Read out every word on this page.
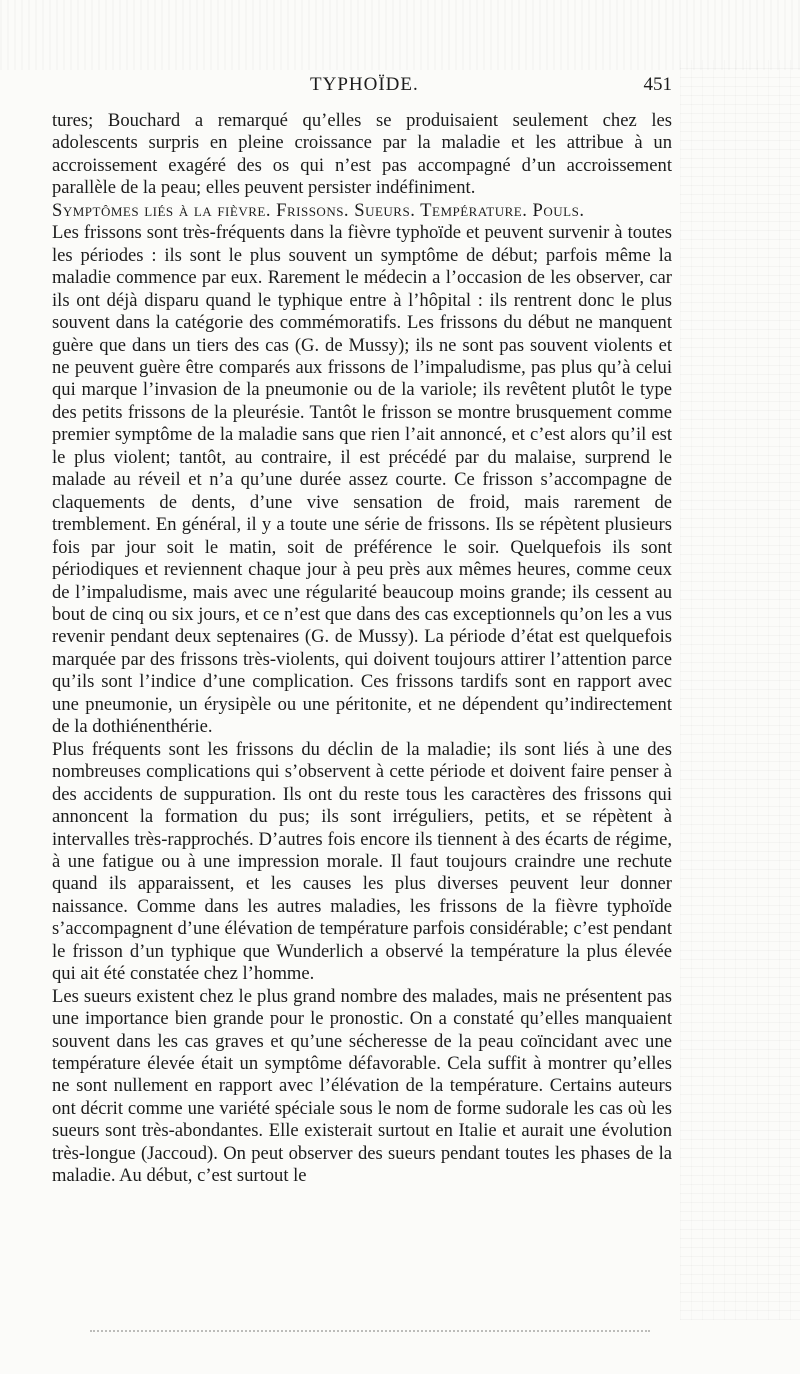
TYPHOÏDE.	451

tures; Bouchard a remarqué qu’elles se produisaient seulement chez les adolescents surpris en pleine croissance par la maladie et les attribue à un accroissement exagéré des os qui n’est pas accompagné d’un accroissement parallèle de la peau; elles peuvent persister indéfiniment.

Symptômes liés à la fièvre. Frissons. Sueurs. Température. Pouls.

Les frissons sont très-fréquents dans la fièvre typhoïde et peuvent survenir à toutes les périodes : ils sont le plus souvent un symptôme de début; parfois même la maladie commence par eux. Rarement le médecin a l’occasion de les observer, car ils ont déjà disparu quand le typhique entre à l’hôpital : ils rentrent donc le plus souvent dans la catégorie des commémoratifs. Les frissons du début ne manquent guère que dans un tiers des cas (G. de Mussy); ils ne sont pas souvent violents et ne peuvent guère être comparés aux frissons de l’impaludisme, pas plus qu’à celui qui marque l’invasion de la pneumonie ou de la variole; ils revêtent plutôt le type des petits frissons de la pleurésie. Tantôt le frisson se montre brusquement comme premier symptôme de la maladie sans que rien l’ait annoncé, et c’est alors qu’il est le plus violent; tantôt, au contraire, il est précédé par du malaise, surprend le malade au réveil et n’a qu’une durée assez courte. Ce frisson s’accompagne de claquements de dents, d’une vive sensation de froid, mais rarement de tremblement. En général, il y a toute une série de frissons. Ils se répètent plusieurs fois par jour soit le matin, soit de préférence le soir. Quelquefois ils sont périodiques et reviennent chaque jour à peu près aux mêmes heures, comme ceux de l’impaludisme, mais avec une régularité beaucoup moins grande; ils cessent au bout de cinq ou six jours, et ce n’est que dans des cas exceptionnels qu’on les a vus revenir pendant deux septenaires (G. de Mussy). La période d’état est quelquefois marquée par des frissons très-violents, qui doivent toujours attirer l’attention parce qu’ils sont l’indice d’une complication. Ces frissons tardifs sont en rapport avec une pneumonie, un érysipèle ou une péritonite, et ne dépendent qu’indirectement de la dothiénenthérie.

Plus fréquents sont les frissons du déclin de la maladie; ils sont liés à une des nombreuses complications qui s’observent à cette période et doivent faire penser à des accidents de suppuration. Ils ont du reste tous les caractères des frissons qui annoncent la formation du pus; ils sont irréguliers, petits, et se répètent à intervalles très-rapprochés. D’autres fois encore ils tiennent à des écarts de régime, à une fatigue ou à une impression morale. Il faut toujours craindre une rechute quand ils apparaissent, et les causes les plus diverses peuvent leur donner naissance. Comme dans les autres maladies, les frissons de la fièvre typhoïde s’accompagnent d’une élévation de température parfois considérable; c’est pendant le frisson d’un typhique que Wunderlich a observé la température la plus élevée qui ait été constatée chez l’homme.

Les sueurs existent chez le plus grand nombre des malades, mais ne présentent pas une importance bien grande pour le pronostic. On a constaté qu’elles manquaient souvent dans les cas graves et qu’une sécheresse de la peau coïncidant avec une température élevée était un symptôme défavorable. Cela suffit à montrer qu’elles ne sont nullement en rapport avec l’élévation de la température. Certains auteurs ont décrit comme une variété spéciale sous le nom de forme sudorale les cas où les sueurs sont très-abondantes. Elle existerait surtout en Italie et aurait une évolution très-longue (Jaccoud). On peut observer des sueurs pendant toutes les phases de la maladie. Au début, c’est surtout le
